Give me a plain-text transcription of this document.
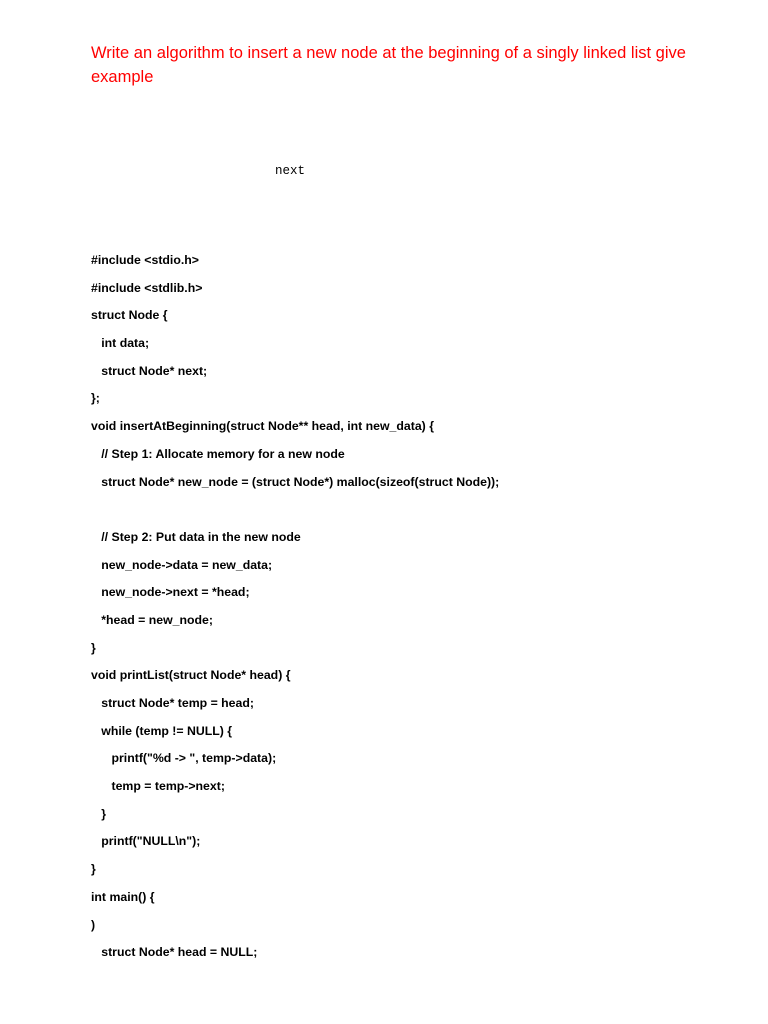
Write an algorithm to insert a new node at the beginning of a singly linked list give example
next
#include <stdio.h>
#include <stdlib.h>
struct Node {
int data;
struct Node* next;
};
void insertAtBeginning(struct Node** head, int new_data) {
// Step 1: Allocate memory for a new node
struct Node* new_node = (struct Node*) malloc(sizeof(struct Node));
// Step 2: Put data in the new node
new_node->data = new_data;
new_node->next = *head;
*head = new_node;
}
void printList(struct Node* head) {
struct Node* temp = head;
while (temp != NULL) {
printf("%d -> ", temp->data);
temp = temp->next;
}
printf("NULL\n");
}
int main() {
)
struct Node* head = NULL;
